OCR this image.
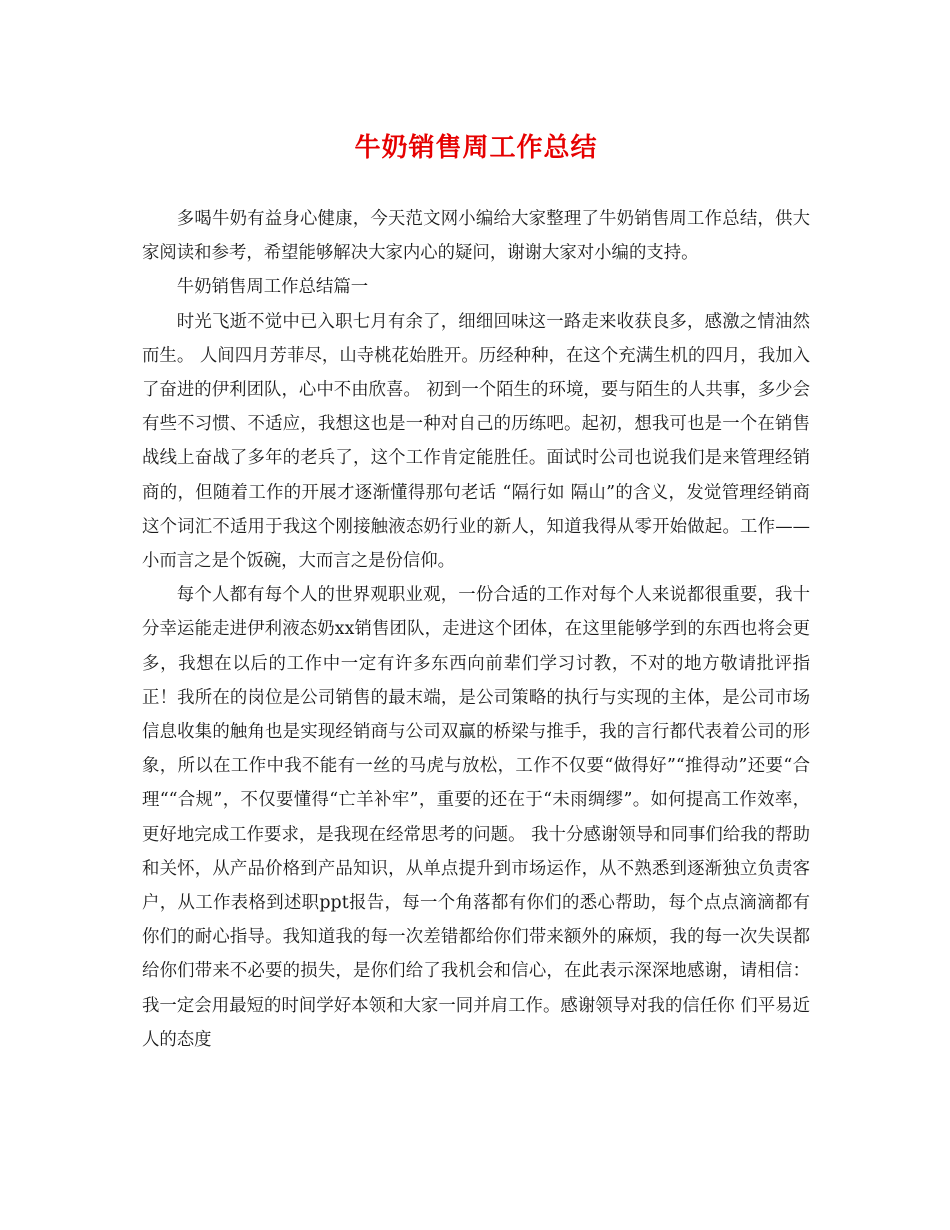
牛奶销售周工作总结

多喝牛奶有益身心健康，今天范文网小编给大家整理了牛奶销售周工作总结，供大家阅读和参考，希望能够解决大家内心的疑问，谢谢大家对小编的支持。

牛奶销售周工作总结篇一

时光飞逝不觉中已入职七月有余了，细细回味这一路走来收获良多，感激之情油然而生。 人间四月芳菲尽，山寺桃花始胜开。历经种种，在这个充满生机的四月，我加入了奋进的伊利团队，心中不由欣喜。 初到一个陌生的环境，要与陌生的人共事，多少会有些不习惯、不适应，我想这也是一种对自己的历练吧。起初，想我可也是一个在销售战线上奋战了多年的老兵了，这个工作肯定能胜任。面试时公司也说我们是来管理经销商的，但随着工作的开展才逐渐懂得那句老话 “隔行如 隔山”的含义，发觉管理经销商这个词汇不适用于我这个刚接触液态奶行业的新人，知道我得从零开始做起。工作——小而言之是个饭碗，大而言之是份信仰。

每个人都有每个人的世界观职业观，一份合适的工作对每个人来说都很重要，我十分幸运能走进伊利液态奶xx销售团队，走进这个团体，在这里能够学到的东西也将会更多，我想在以后的工作中一定有许多东西向前辈们学习讨教，不对的地方敬请批评指正！我所在的岗位是公司销售的最末端，是公司策略的执行与实现的主体，是公司市场信息收集的触角也是实现经销商与公司双赢的桥梁与推手，我的言行都代表着公司的形象，所以在工作中我不能有一丝的马虎与放松，工作不仅要“做得好”“推得动”还要“合理““合规”，不仅要懂得“亡羊补牢”，重要的还在于“未雨绸缪”。如何提高工作效率，更好地完成工作要求，是我现在经常思考的问题。 我十分感谢领导和同事们给我的帮助和关怀，从产品价格到产品知识，从单点提升到市场运作，从不熟悉到逐渐独立负责客户，从工作表格到述职ppt报告，每一个角落都有你们的悉心帮助，每个点点滴滴都有你们的耐心指导。我知道我的每一次差错都给你们带来额外的麻烦，我的每一次失误都给你们带来不必要的损失，是你们给了我机会和信心，在此表示深深地感谢，请相信：我一定会用最短的时间学好本领和大家一同并肩工作。感谢领导对我的信任你 们平易近人的态度
